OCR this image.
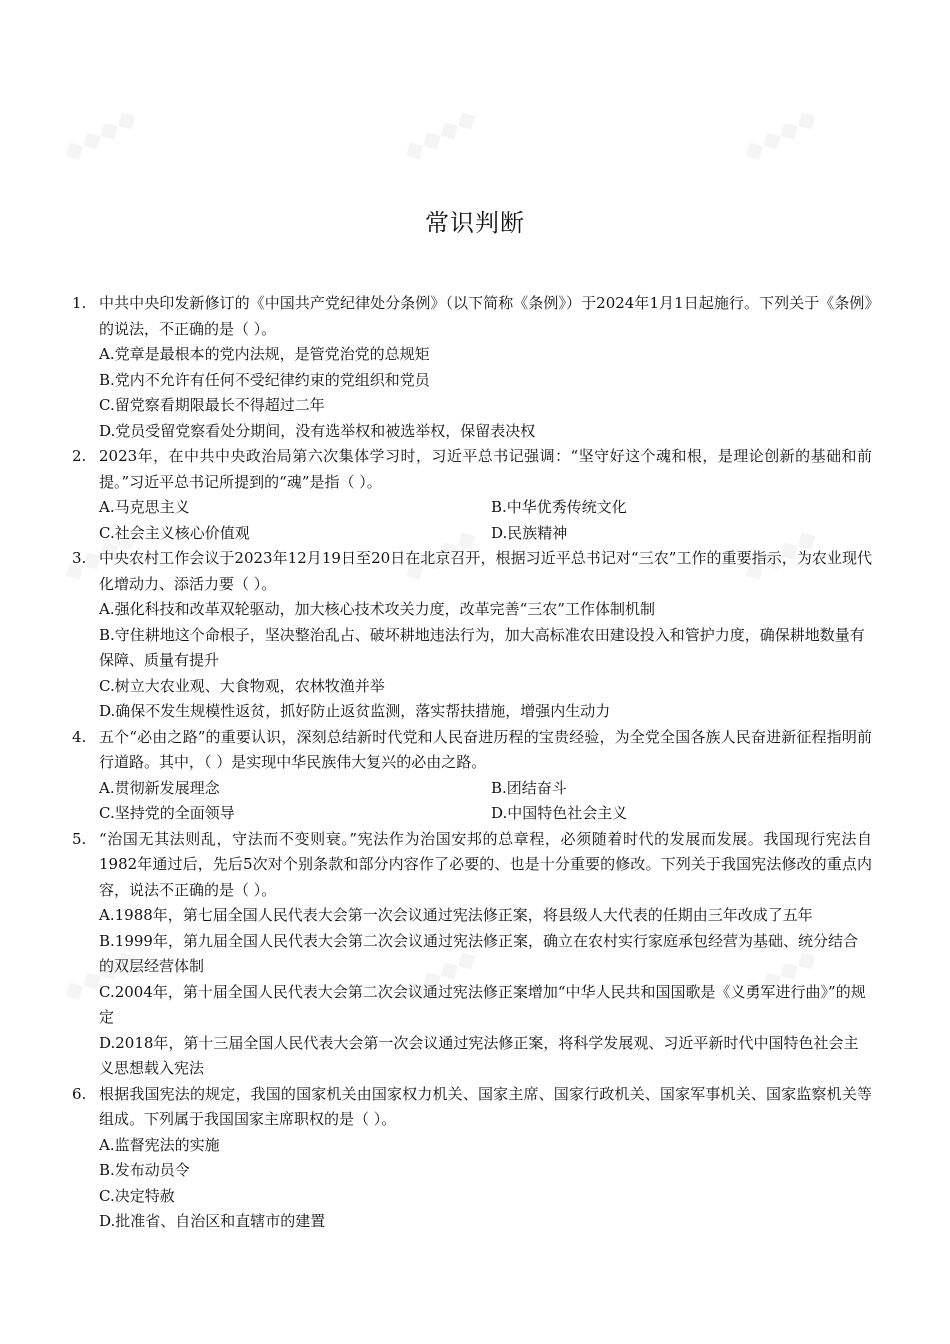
常识判断
1. 中共中央印发新修订的《中国共产党纪律处分条例》（以下简称《条例》）于2024年1月1日起施行。下列关于《条例》的说法，不正确的是（ ）。
A.党章是最根本的党内法规，是管党治党的总规矩
B.党内不允许有任何不受纪律约束的党组织和党员
C.留党察看期限最长不得超过二年
D.党员受留党察看处分期间，没有选举权和被选举权，保留表决权
2. 2023年，在中共中央政治局第六次集体学习时，习近平总书记强调：“坚守好这个魂和根，是理论创新的基础和前提。”习近平总书记所提到的“魂”是指（ ）。
A.马克思主义	B.中华优秀传统文化
C.社会主义核心价值观	D.民族精神
3. 中央农村工作会议于2023年12月19日至20日在北京召开，根据习近平总书记对“三农”工作的重要指示，为农业现代化增动力、添活力要（ ）。
A.强化科技和改革双轮驱动，加大核心技术攻关力度，改革完善“三农”工作体制机制
B.守住耕地这个命根子，坚决整治乱占、破坏耕地违法行为，加大高标准农田建设投入和管护力度，确保耕地数量有保障、质量有提升
C.树立大农业观、大食物观，农林牧渔并举
D.确保不发生规模性返贫，抓好防止返贫监测，落实帮扶措施，增强内生动力
4. 五个“必由之路”的重要认识，深刻总结新时代党和人民奋进历程的宝贵经验，为全党全国各族人民奋进新征程指明前行道路。其中，（ ）是实现中华民族伟大复兴的必由之路。
A.贯彻新发展理念	B.团结奋斗
C.坚持党的全面领导	D.中国特色社会主义
5. “治国无其法则乱，守法而不变则衰。”宪法作为治国安邦的总章程，必须随着时代的发展而发展。我国现行宪法自1982年通过后，先后5次对个别条款和部分内容作了必要的、也是十分重要的修改。下列关于我国宪法修改的重点内容，说法不正确的是（ ）。
A.1988年，第七届全国人民代表大会第一次会议通过宪法修正案，将县级人大代表的任期由三年改成了五年
B.1999年，第九届全国人民代表大会第二次会议通过宪法修正案，确立在农村实行家庭承包经营为基础、统分结合的双层经营体制
C.2004年，第十届全国人民代表大会第二次会议通过宪法修正案增加“中华人民共和国国歌是《义勇军进行曲》”的规定
D.2018年，第十三届全国人民代表大会第一次会议通过宪法修正案，将科学发展观、习近平新时代中国特色社会主义思想载入宪法
6. 根据我国宪法的规定，我国的国家机关由国家权力机关、国家主席、国家行政机关、国家军事机关、国家监察机关等组成。下列属于我国国家主席职权的是（ ）。
A.监督宪法的实施
B.发布动员令
C.决定特赦
D.批准省、自治区和直辖市的建置
